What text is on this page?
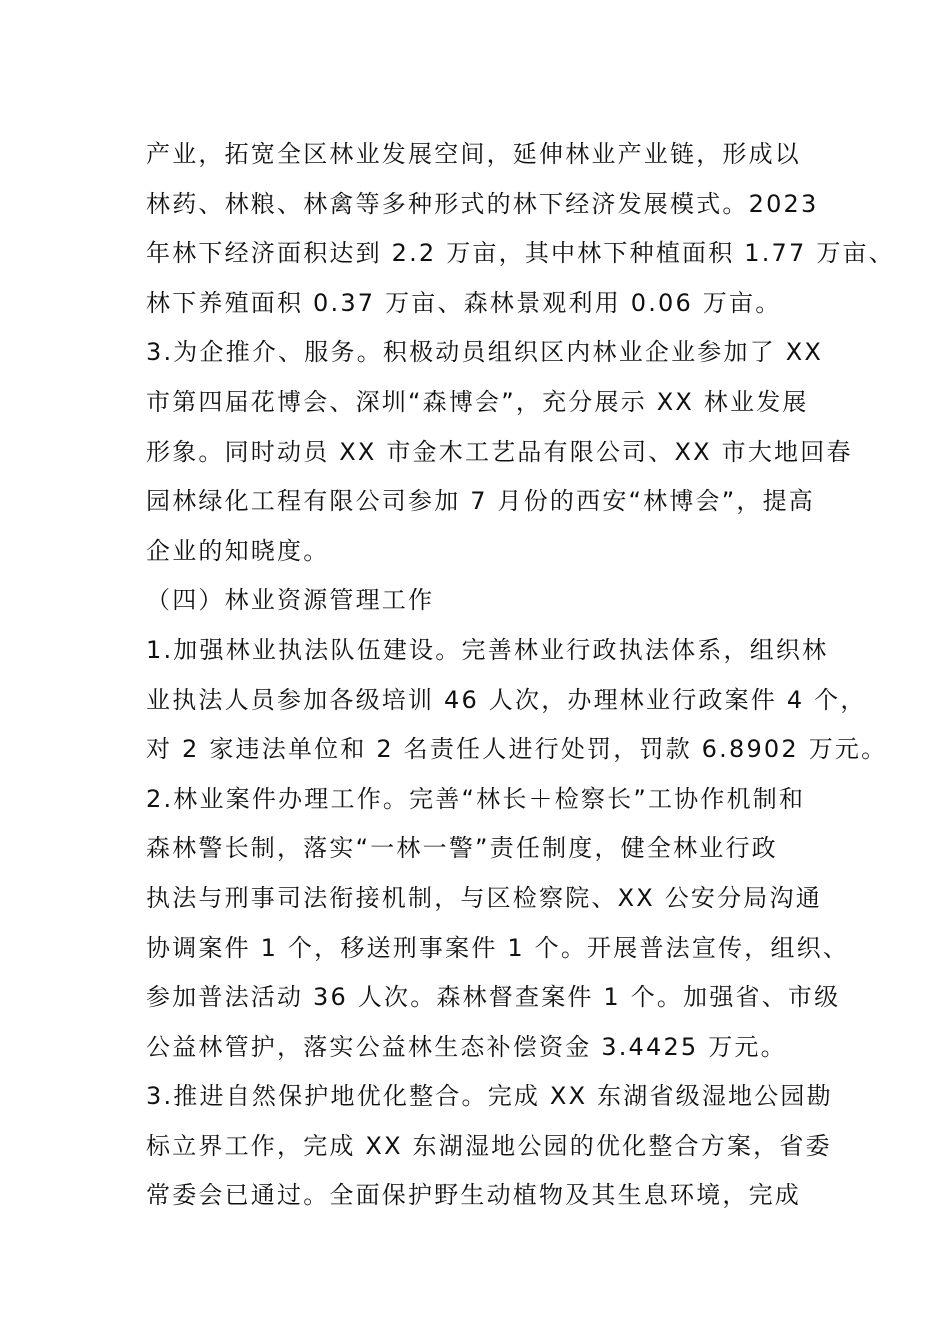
产业，拓宽全区林业发展空间，延伸林业产业链，形成以
林药、林粮、林禽等多种形式的林下经济发展模式。2023
年林下经济面积达到 2.2 万亩，其中林下种植面积 1.77 万亩、
林下养殖面积 0.37 万亩、森林景观利用 0.06 万亩。
3.为企推介、服务。积极动员组织区内林业企业参加了 XX
市第四届花博会、深圳“森博会”，充分展示 XX 林业发展
形象。同时动员 XX 市金木工艺品有限公司、XX 市大地回春
园林绿化工程有限公司参加 7 月份的西安“林博会”，提高
企业的知晓度。
（四）林业资源管理工作
1.加强林业执法队伍建设。完善林业行政执法体系，组织林
业执法人员参加各级培训 46 人次，办理林业行政案件 4 个，
对 2 家违法单位和 2 名责任人进行处罚，罚款 6.8902 万元。
2.林业案件办理工作。完善“林长＋检察长”工协作机制和
森林警长制，落实“一林一警”责任制度，健全林业行政
执法与刑事司法衔接机制，与区检察院、XX 公安分局沟通
协调案件 1 个，移送刑事案件 1 个。开展普法宣传，组织、
参加普法活动 36 人次。森林督查案件 1 个。加强省、市级
公益林管护，落实公益林生态补偿资金 3.4425 万元。
3.推进自然保护地优化整合。完成 XX 东湖省级湿地公园勘
标立界工作，完成 XX 东湖湿地公园的优化整合方案，省委
常委会已通过。全面保护野生动植物及其生息环境，完成
